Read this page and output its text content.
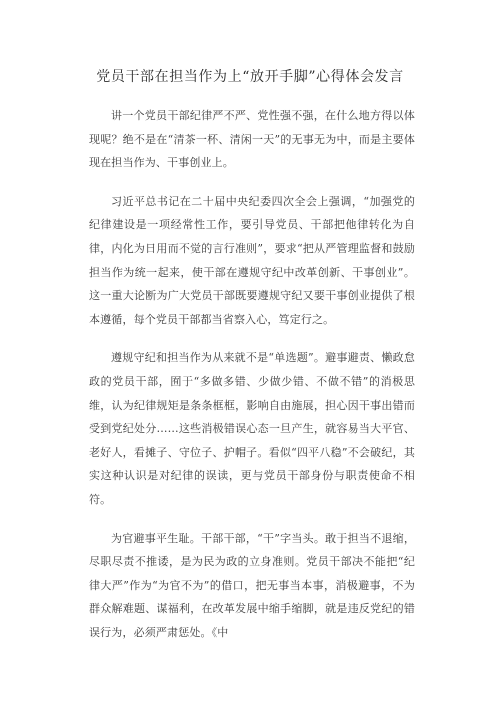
党员干部在担当作为上“放开手脚”心得体会发言

讲一个党员干部纪律严不严、党性强不强，在什么地方得以体现呢？绝不是在“清茶一杯、清闲一天”的无事无为中，而是主要体现在担当作为、干事创业上。

习近平总书记在二十届中央纪委四次全会上强调，“加强党的纪律建设是一项经常性工作，要引导党员、干部把他律转化为自律，内化为日用而不觉的言行准则”，要求“把从严管理监督和鼓励担当作为统一起来，使干部在遵规守纪中改革创新、干事创业”。这一重大论断为广大党员干部既要遵规守纪又要干事创业提供了根本遵循，每个党员干部都当省察入心，笃定行之。

遵规守纪和担当作为从来就不是“单选题”。避事避责、懒政怠政的党员干部，囿于“多做多错、少做少错、不做不错”的消极思维，认为纪律规矩是条条框框，影响自由施展，担心因干事出错而受到党纪处分……这些消极错误心态一旦产生，就容易当大平官、老好人，看摊子、守位子、护帽子。看似“四平八稳”不会破纪，其实这种认识是对纪律的误读，更与党员干部身份与职责使命不相符。

为官避事平生耻。干部干部，“干”字当头。敢于担当不退缩，尽职尽责不推诿，是为民为政的立身准则。党员干部决不能把“纪律大严”作为“为官不为”的借口，把无事当本事，消极避事，不为群众解难题、谋福利，在改革发展中缩手缩脚，就是违反党纪的错误行为，必须严肃惩处。《中
